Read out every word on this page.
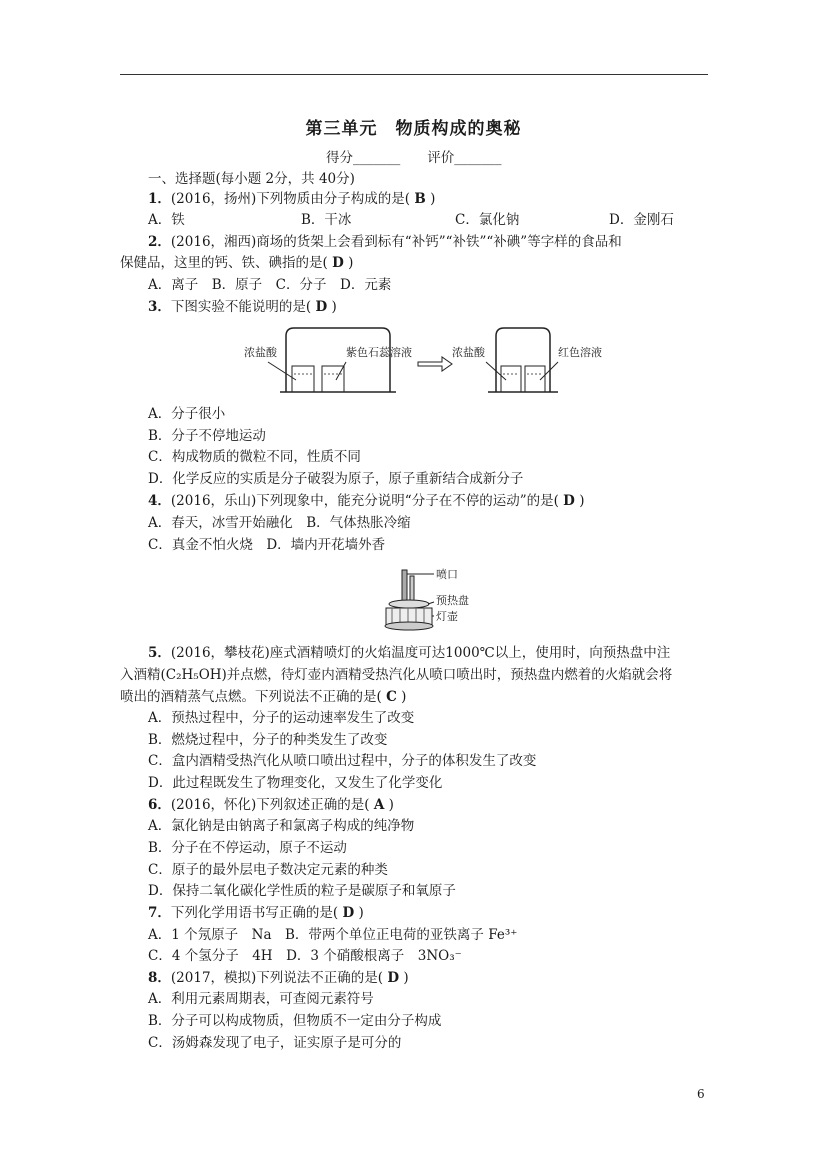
第三单元　物质构成的奥秘
得分_______　　评价_______
一、选择题(每小题 2分，共 40分)
1．(2016，扬州)下列物质由分子构成的是( B )
A．铁	B．干冰	C．氯化钠	D．金刚石
2．(2016，湘西)商场的货架上会看到标有“补钙”“补铁”“补碘”等字样的食品和
保健品，这里的钙、铁、碘指的是( D )
A．离子　B．原子　C．分子　D．元素
3．下图实验不能说明的是( D )
浓盐酸	紫色石蕊溶液	浓盐酸	红色溶液
A．分子很小
B．分子不停地运动
C．构成物质的微粒不同，性质不同
D．化学反应的实质是分子破裂为原子，原子重新结合成新分子
4．(2016，乐山)下列现象中，能充分说明“分子在不停的运动”的是( D )
A．春天，冰雪开始融化　B．气体热胀冷缩
C．真金不怕火烧　D．墙内开花墙外香
喷口
预热盘
灯壶
5．(2016，攀枝花)座式酒精喷灯的火焰温度可达1000℃以上，使用时，向预热盘中注
入酒精(C₂H₅OH)并点燃，待灯壶内酒精受热汽化从喷口喷出时，预热盘内燃着的火焰就会将
喷出的酒精蒸气点燃。下列说法不正确的是( C )
A．预热过程中，分子的运动速率发生了改变
B．燃烧过程中，分子的种类发生了改变
C．盒内酒精受热汽化从喷口喷出过程中，分子的体积发生了改变
D．此过程既发生了物理变化，又发生了化学变化
6．(2016，怀化)下列叙述正确的是( A )
A．氯化钠是由钠离子和氯离子构成的纯净物
B．分子在不停运动，原子不运动
C．原子的最外层电子数决定元素的种类
D．保持二氧化碳化学性质的粒子是碳原子和氧原子
7．下列化学用语书写正确的是( D )
A．1 个氖原子　Na　B．带两个单位正电荷的亚铁离子 Fe³⁺
C．4 个氢分子　4H　D．3 个硝酸根离子　3NO₃⁻
8．(2017，模拟)下列说法不正确的是( D )
A．利用元素周期表，可查阅元素符号
B．分子可以构成物质，但物质不一定由分子构成
C．汤姆森发现了电子，证实原子是可分的
6
